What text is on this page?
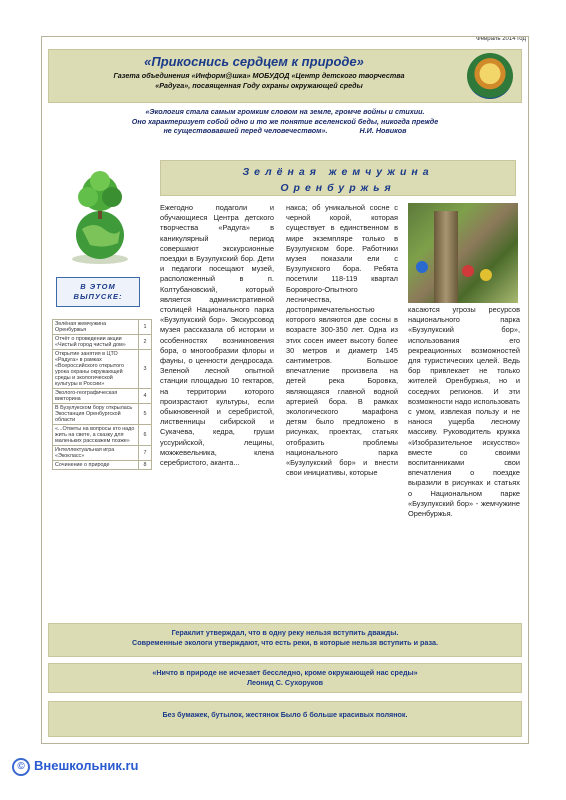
Февраль 2014 год
«Прикоснись сердцем к природе»
Газета объединения «Информ@шка» МОБУДОД «Центр детского творчества
«Радуга», посвященная Году охраны окружающей среды
«Экология стала самым громким словом на земле, громче войны и стихии.
Оно характеризует собой одно и то же понятие вселенской беды, никогда прежде
не существовавшей перед человечеством».	Н.И. Новиков
В ЭТОМ ВЫПУСКЕ:
Зелёная жемчужина Оренбуржья	1
Отчёт о проведении акции «Чистый город чистый дом»	2
Открытие занятия в ЦТО «Радуга» в рамках «Всероссийского открытого урока охраны окружающей среды и экологической культуры в России»	3
Эколого-географическая викторина	4
В Бузулукском бору открылась Экостанция Оренбургской области	5
«...Ответы на вопросы кто надо жить на свете, а сказку для маленьких расскажем позже»	6
Интеллектуальная игра «Экокласс»	7
Сочинение о природе	8
Зелёная жемчужина
Оренбуржья
Ежегодно подаголи и обучающиеся Центра детского творчества «Радуга» в каникулярный период совершают экскурсионные поездки в Бузулукский бор. Дети и педагоги посещают музей, расположенный в п. Колтубановский, который является административной столицей Национального парка «Бузулукский бор». Экскурсовод музея рассказала об истории и особенностях возникновения бора, о многообразии флоры и фауны, о ценности дендросада. Зеленой лесной опытной станции площадью 10 гектаров, на территории которого произрастают культуры, если обыкновенной и серебристой, лиственницы сибирской и Сукачева, кедра, груши уссурийской, лещины, можжевельника, клена серебристого, аканта...
накса; об уникальной сосне с черной корой, которая существует в единственном в мире экземпляре только в Бузулукском боре. Работники музея показали ели с Бузулукского бора. Ребята посетили 118-119 квартал Бороврого-Опытного лесничества, достопримечательностью которого являются две сосны в возрасте 300-350 лет. Одна из этих сосен имеет высоту более 30 метров и диаметр 145 сантиметров. Большое впечатление произвела на детей река Боровка, являющаяся главной водной артерией бора. В рамках экологического марафона детям было предложено в рисунках, проектах, статьях отобразить проблемы национального парка «Бузулукский бор» и внести свои инициативы, которые
касаются угрозы ресурсов национального парка «Бузулукский бор», использования его рекреационных возможностей для туристических целей. Ведь бор привлекает не только жителей Оренбуржья, но и соседних регионов. И эти возможности надо использовать с умом, извлекая пользу и не нанося ущерба лесному массиву. Руководитель кружка «Изобразительное искусство» вместе со своими воспитанниками свои впечатления о поездке выразили в рисунках и статьях о Национальном парке «Бузулукский бор» - жемчужине Оренбуржья.
Гераклит утверждал, что в одну реку нельзя вступить дважды.
Современные экологи утверждают, что есть реки, в которые нельзя вступить и раза.
«Ничто в природе не исчезает бесследно, кроме окружающей нас среды»
Леонид С. Сухоруков
Без бумажек, бутылок, жестянок Было б больше красивых полянок.
© Внешкольник.ru
